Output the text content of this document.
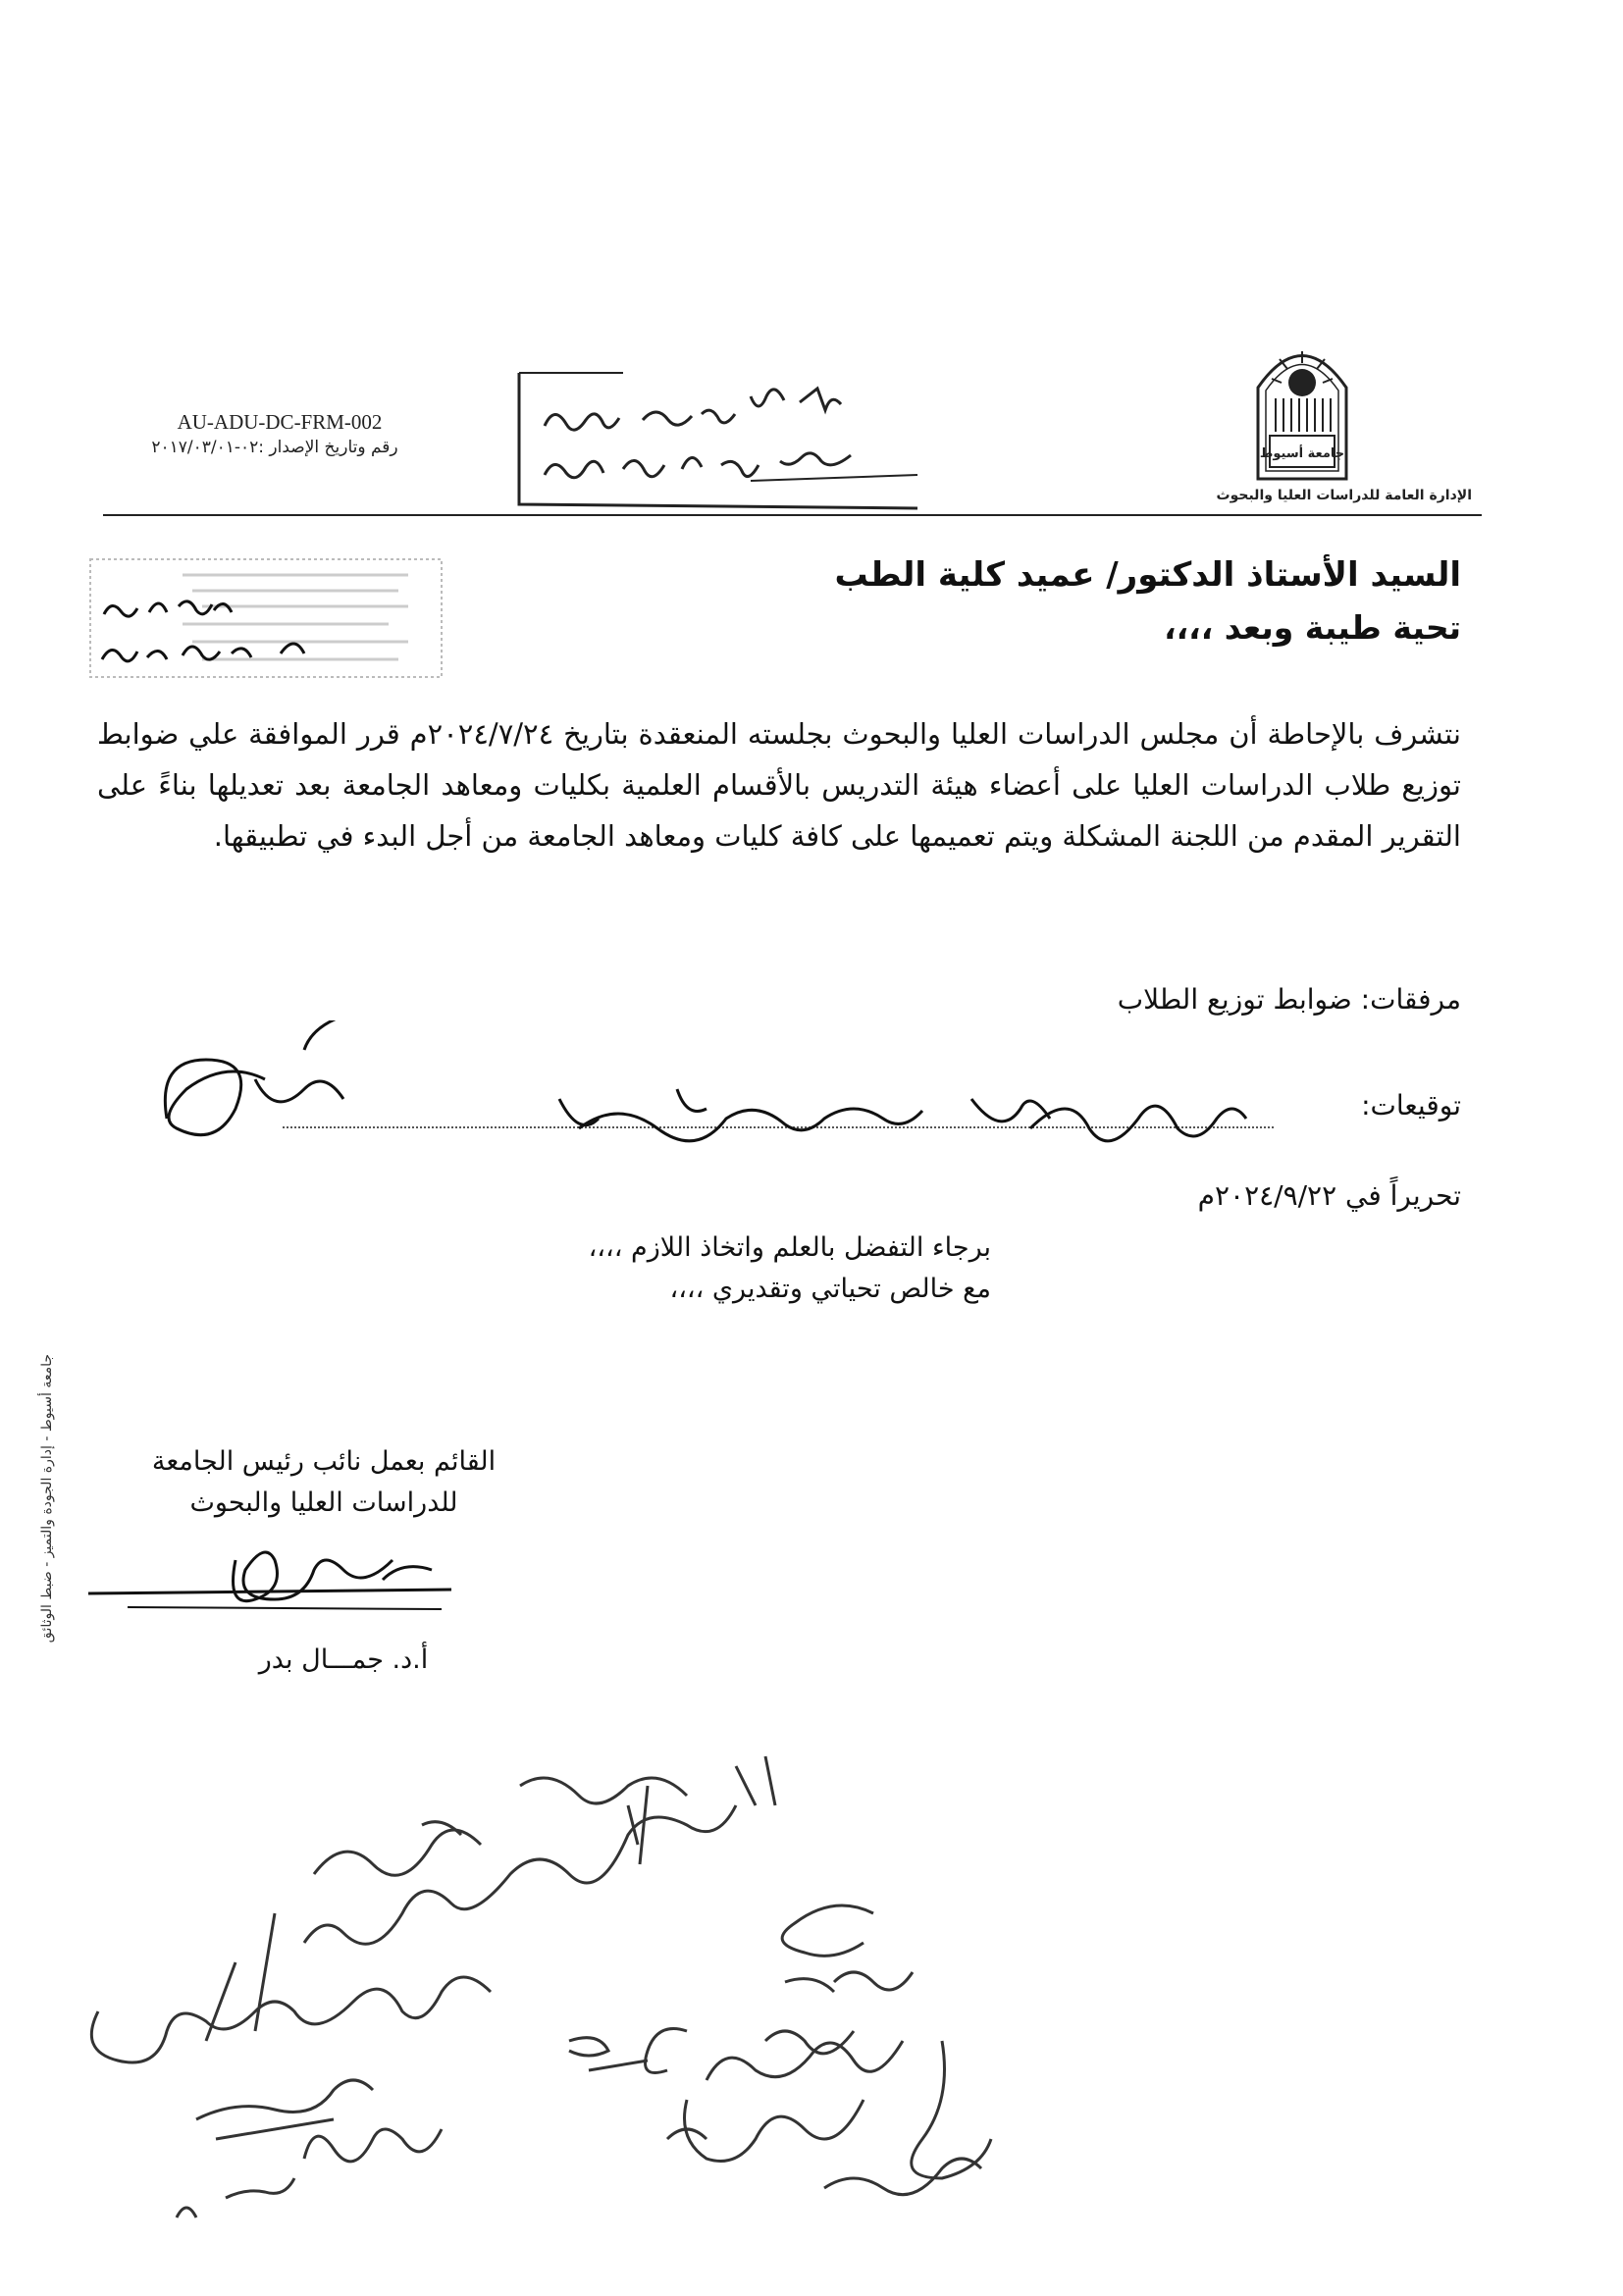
AU-ADU-DC-FRM-002
رقم وتاريخ الإصدار :٠٢-٢٠١٧/٠٣/٠١	جامعة أسيوط
الإدارة العامة للدراسات العليا والبحوث
السيد الأستاذ الدكتور/ عميد كلية الطب
تحية طيبة وبعد ،،،،
نتشرف بالإحاطة أن مجلس الدراسات العليا والبحوث بجلسته المنعقدة بتاريخ ٢٠٢٤/٧/٢٤م قرر الموافقة علي ضوابط توزيع طلاب الدراسات العليا على أعضاء هيئة التدريس بالأقسام العلمية بكليات ومعاهد الجامعة بعد تعديلها بناءً على التقرير المقدم من اللجنة المشكلة ويتم تعميمها على كافة كليات ومعاهد الجامعة من أجل البدء في تطبيقها.
مرفقات: ضوابط توزيع الطلاب
توقيعات:
تحريراً في ٢٠٢٤/٩/٢٢م
برجاء التفضل بالعلم واتخاذ اللازم ،،،،
مع خالص تحياتي وتقديري ،،،،
القائم بعمل نائب رئيس الجامعة
للدراسات العليا والبحوث
أ.د. جمـــال بدر
جامعة أسيوط - إدارة الجودة والتميز - ضبط الوثائق
